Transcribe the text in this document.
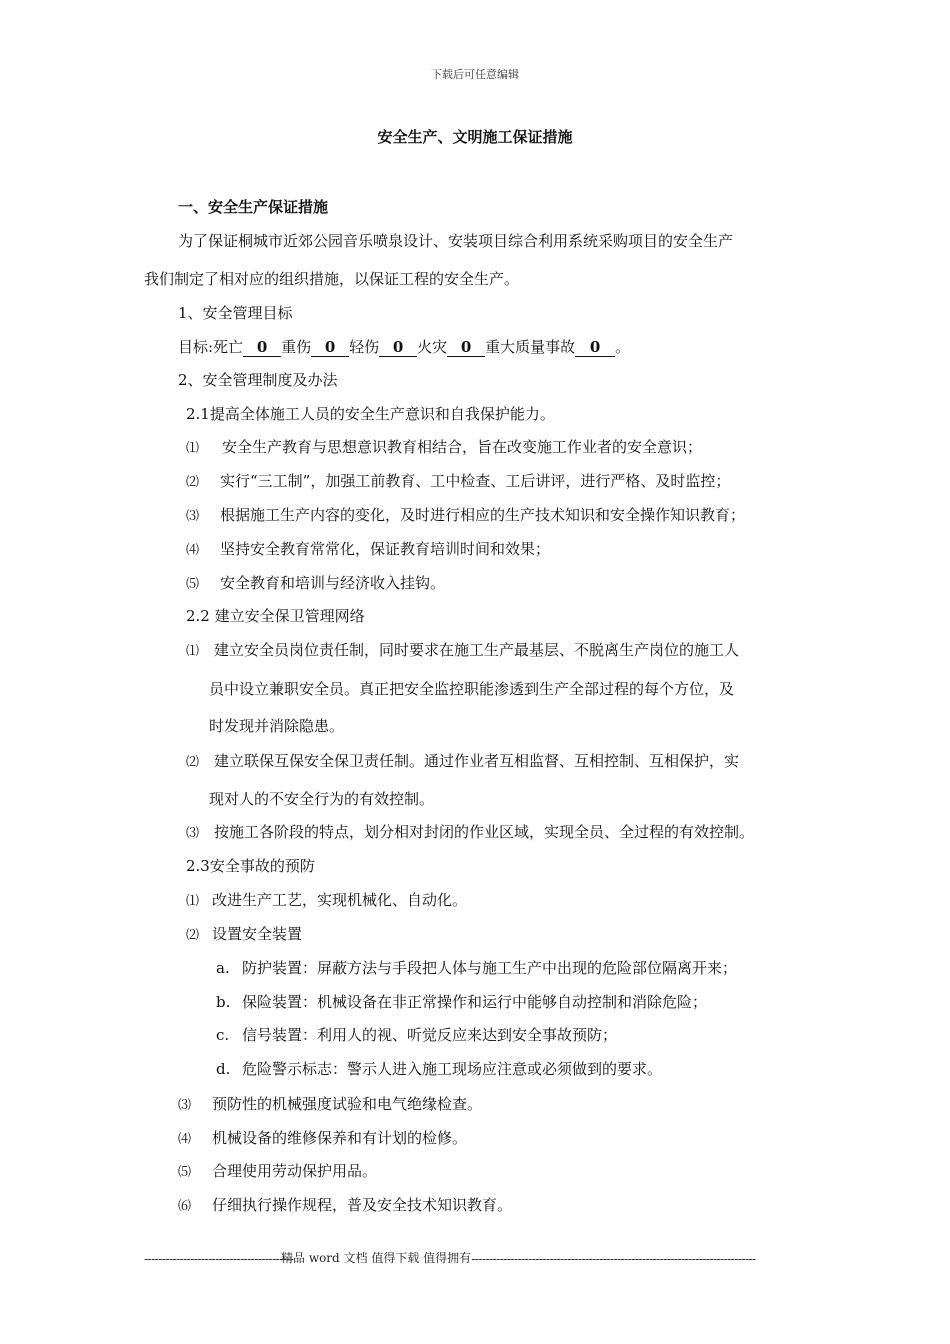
下载后可任意编辑
安全生产、文明施工保证措施
一、安全生产保证措施
为了保证桐城市近郊公园音乐喷泉设计、安装项目综合利用系统采购项目的安全生产
我们制定了相对应的组织措施，以保证工程的安全生产。
1、安全管理目标
目标:死亡 0 重伤 0 轻伤 0 火灾 0 重大质量事故 0 。
2、安全管理制度及办法
2.1提高全体施工人员的安全生产意识和自我保护能力。
⑴ 安全生产教育与思想意识教育相结合，旨在改变施工作业者的安全意识；
⑵ 实行“三工制”，加强工前教育、工中检查、工后讲评，进行严格、及时监控；
⑶ 根据施工生产内容的变化，及时进行相应的生产技术知识和安全操作知识教育；
⑷ 坚持安全教育常常化，保证教育培训时间和效果；
⑸ 安全教育和培训与经济收入挂钩。
2.2 建立安全保卫管理网络
⑴ 建立安全员岗位责任制，同时要求在施工生产最基层、不脱离生产岗位的施工人
员中设立兼职安全员。真正把安全监控职能渗透到生产全部过程的每个方位，及
时发现并消除隐患。
⑵ 建立联保互保安全保卫责任制。通过作业者互相监督、互相控制、互相保护，实
现对人的不安全行为的有效控制。
⑶ 按施工各阶段的特点，划分相对封闭的作业区域，实现全员、全过程的有效控制。
2.3安全事故的预防
⑴ 改进生产工艺，实现机械化、自动化。
⑵ 设置安全装置
a. 防护装置：屏蔽方法与手段把人体与施工生产中出现的危险部位隔离开来；
b. 保险装置：机械设备在非正常操作和运行中能够自动控制和消除危险；
c. 信号装置：利用人的视、听觉反应来达到安全事故预防；
d. 危险警示标志：警示人进入施工现场应注意或必须做到的要求。
⑶ 预防性的机械强度试验和电气绝缘检查。
⑷ 机械设备的维修保养和有计划的检修。
⑸ 合理使用劳动保护用品。
⑹ 仔细执行操作规程，普及安全技术知识教育。
------------------------------------------精品 word 文档 值得下载 值得拥有--------------------------------------------------------------------------------
